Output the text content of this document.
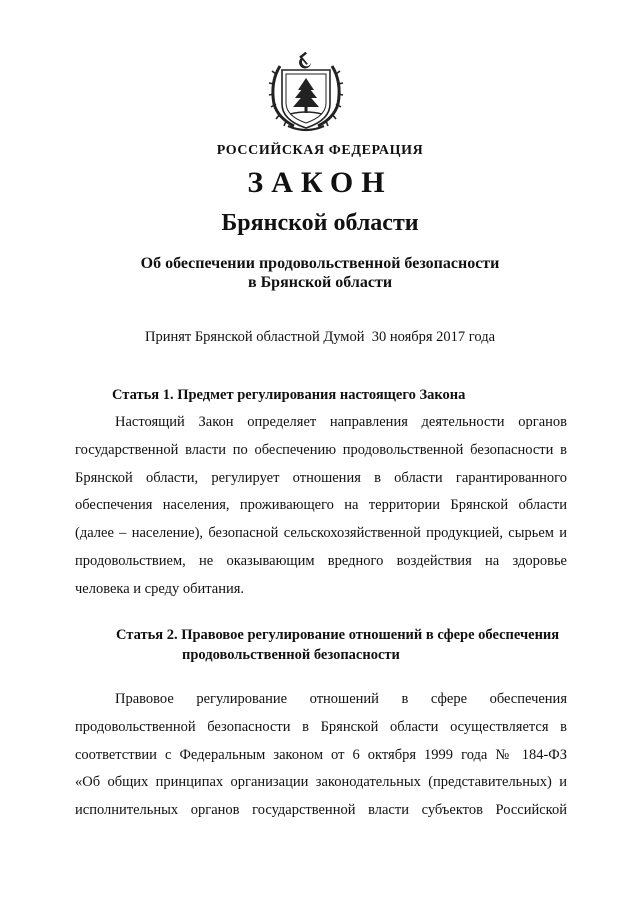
РОССИЙСКАЯ ФЕДЕРАЦИЯ
ЗАКОН
Брянской области
Об обеспечении продовольственной безопасности
в Брянской области
Принят Брянской областной Думой  30 ноября 2017 года
Статья 1. Предмет регулирования настоящего Закона
Настоящий Закон определяет направления деятельности органов
государственной власти по обеспечению продовольственной безопасности в
Брянской области, регулирует отношения в области гарантированного
обеспечения населения, проживающего на территории Брянской области
(далее – население), безопасной сельскохозяйственной продукцией, сырьем и
продовольствием, не оказывающим вредного воздействия на здоровье
человека и среду обитания.
Статья 2. Правовое регулирование отношений в сфере обеспечения
продовольственной безопасности
Правовое регулирование отношений в сфере обеспечения
продовольственной безопасности в Брянской области осуществляется в
соответствии с Федеральным законом от 6 октября 1999 года № 184-ФЗ
«Об общих принципах организации законодательных (представительных) и
исполнительных органов государственной власти субъектов Российской
